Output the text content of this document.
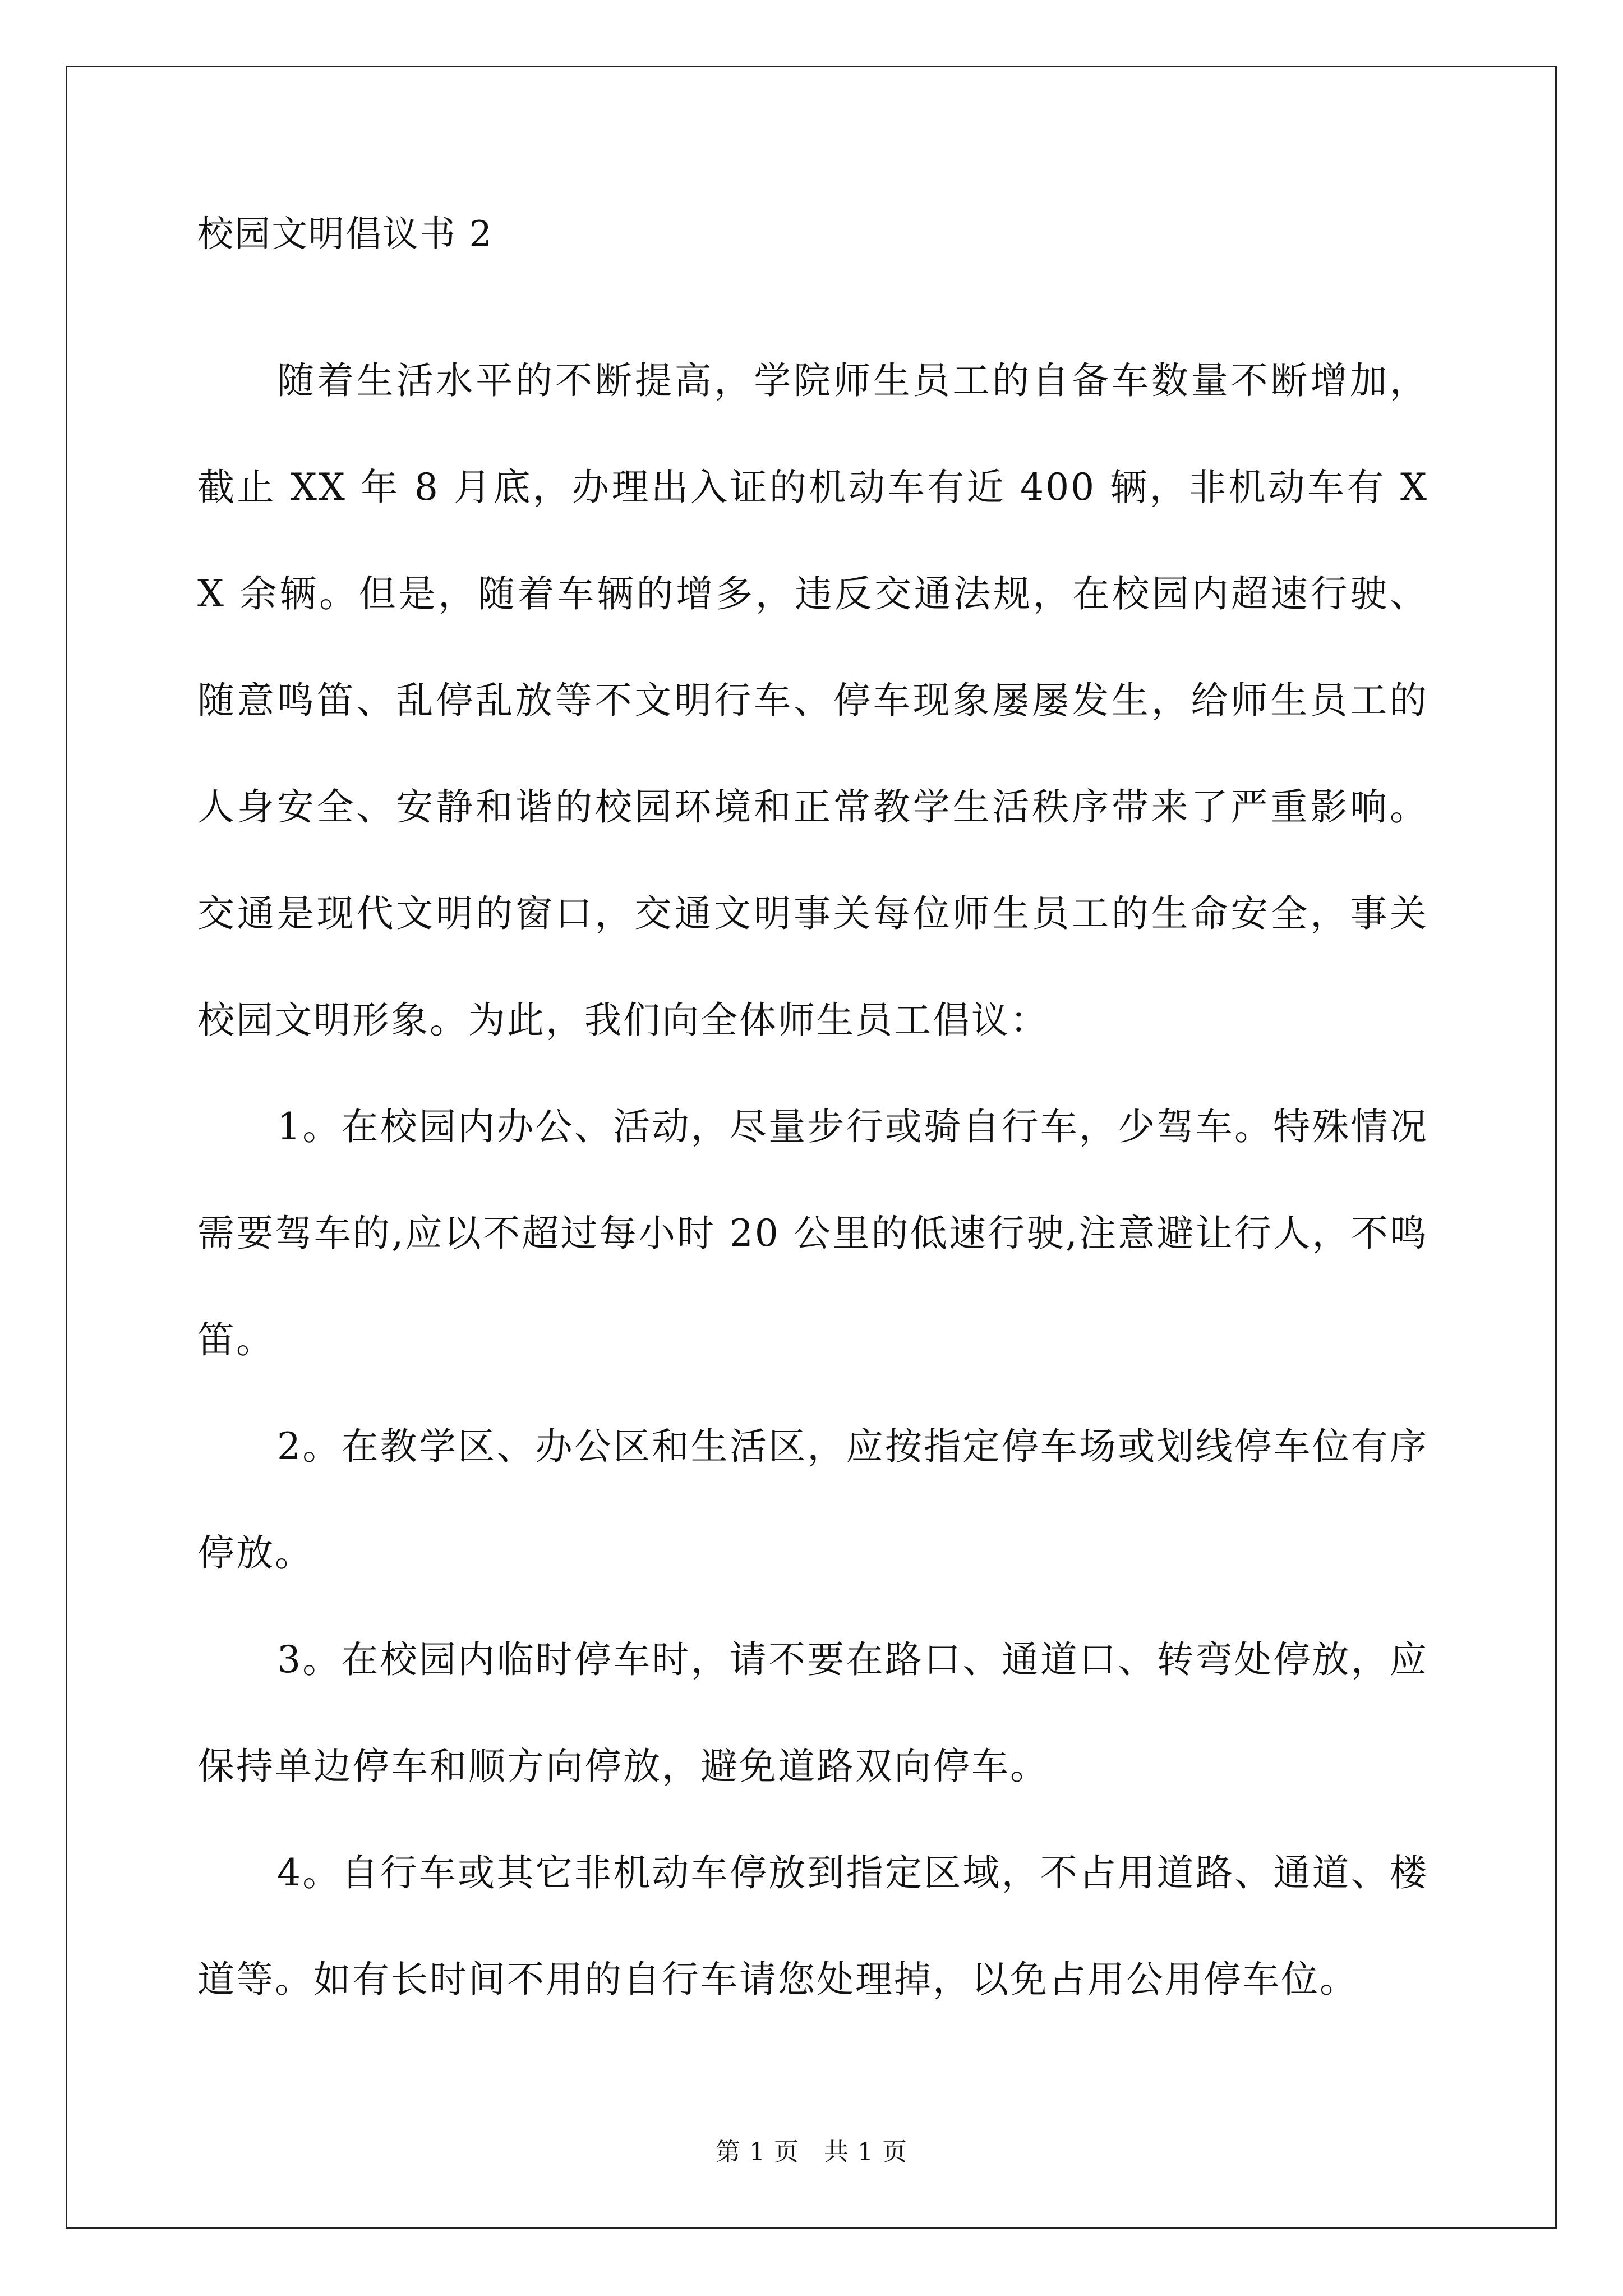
校园文明倡议书 2

随着生活水平的不断提高，学院师生员工的自备车数量不断增加，截止 XX 年 8 月底，办理出入证的机动车有近 400 辆，非机动车有 XX 余辆。但是，随着车辆的增多，违反交通法规，在校园内超速行驶、随意鸣笛、乱停乱放等不文明行车、停车现象屡屡发生，给师生员工的人身安全、安静和谐的校园环境和正常教学生活秩序带来了严重影响。交通是现代文明的窗口，交通文明事关每位师生员工的生命安全，事关校园文明形象。为此，我们向全体师生员工倡议：

1。在校园内办公、活动，尽量步行或骑自行车，少驾车。特殊情况需要驾车的,应以不超过每小时 20 公里的低速行驶,注意避让行人，不鸣笛。

2。在教学区、办公区和生活区，应按指定停车场或划线停车位有序停放。

3。在校园内临时停车时，请不要在路口、通道口、转弯处停放，应保持单边停车和顺方向停放，避免道路双向停车。

4。自行车或其它非机动车停放到指定区域，不占用道路、通道、楼道等。如有长时间不用的自行车请您处理掉，以免占用公用停车位。

第 1 页 共 1 页
